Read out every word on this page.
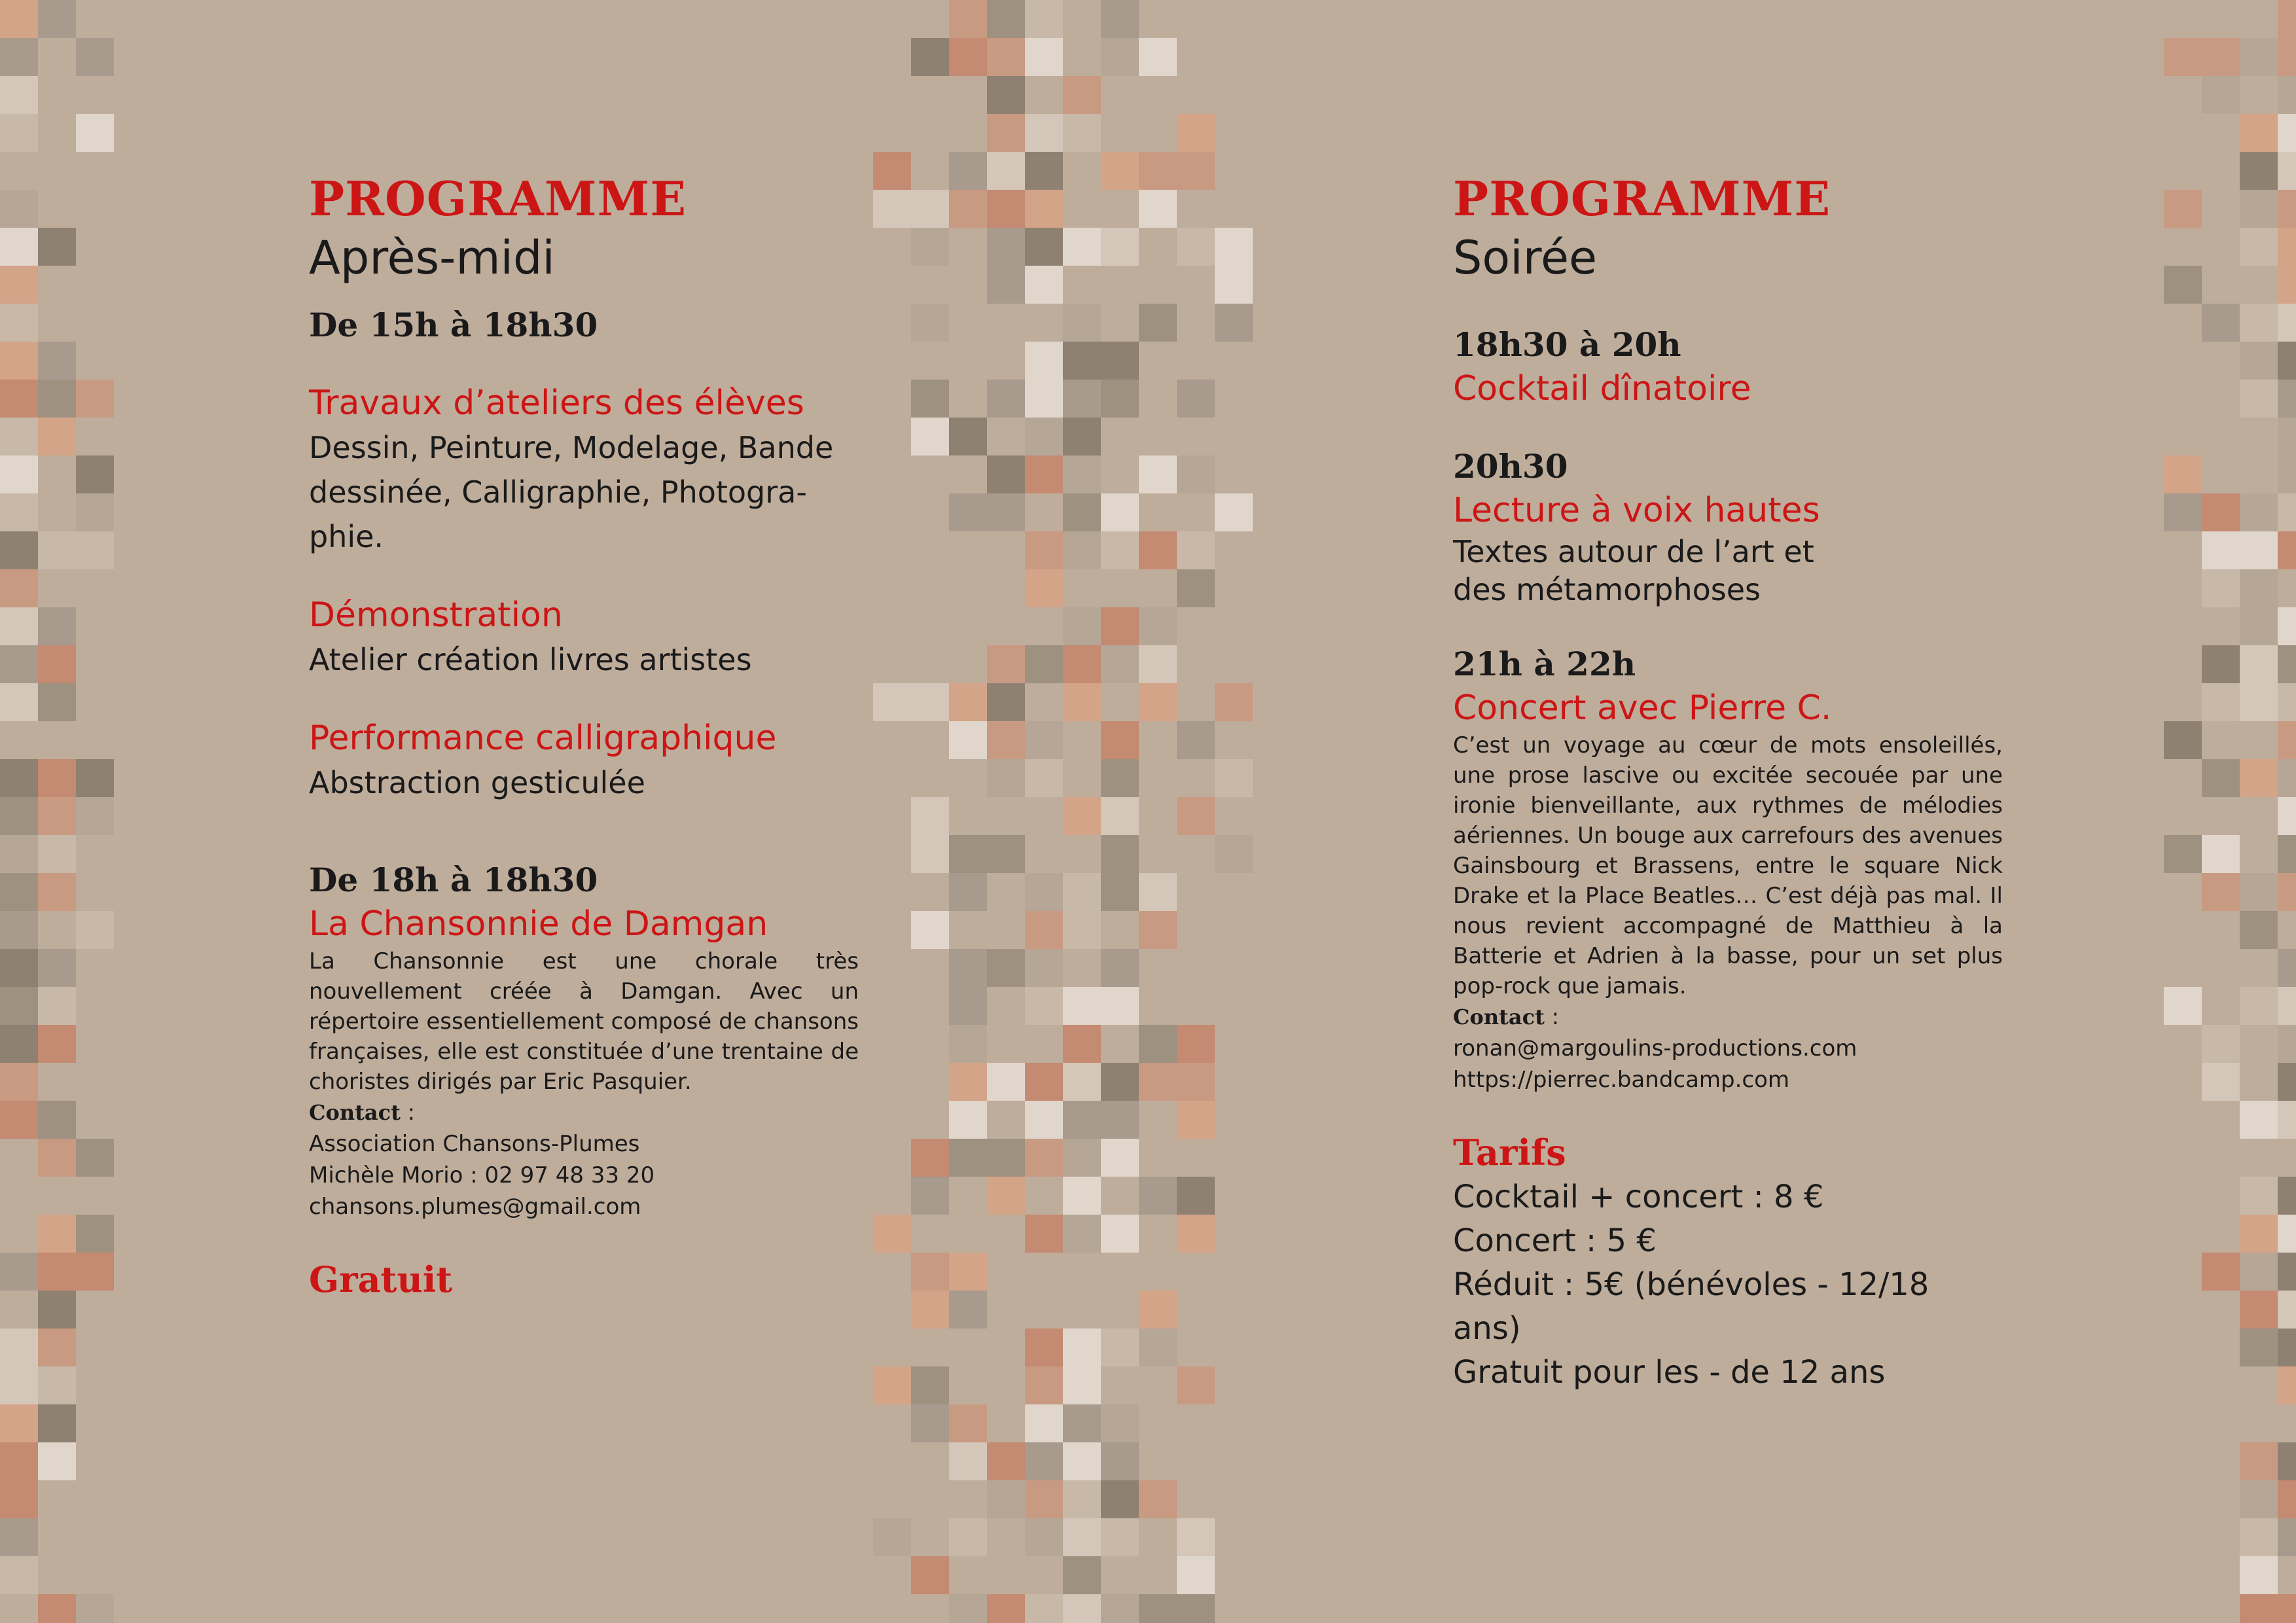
PROGRAMME
Après-midi
De 15h à 18h30
Travaux d’ateliers des élèves
Dessin, Peinture, Modelage, Bande
dessinée, Calligraphie, Photogra-
phie.
Démonstration
Atelier création livres artistes
Performance calligraphique
Abstraction gesticulée
De 18h à 18h30
La Chansonnie de Damgan
La Chansonnie est une chorale très nouvellement créée à Damgan. Avec un répertoire essentiellement composé de chansons françaises, elle est constituée d’une trentaine de choristes dirigés par Eric Pasquier.
Contact :
Association Chansons-Plumes
Michèle Morio : 02 97 48 33 20
chansons.plumes@gmail.com
Gratuit
PROGRAMME
Soirée
18h30 à 20h
Cocktail dînatoire
20h30
Lecture à voix hautes
Textes autour de l’art et
des métamorphoses
21h à 22h
Concert avec Pierre C.
C’est un voyage au cœur de mots ensoleillés, une prose lascive ou excitée secouée par une ironie bienveillante, aux rythmes de mélodies aériennes. Un bouge aux carrefours des avenues Gainsbourg et Brassens, entre le square Nick Drake et la Place Beatles… C’est déjà pas mal. Il nous revient accompagné de Matthieu à la Batterie et Adrien à la basse, pour un set plus pop-rock que jamais.
Contact :
ronan@margoulins-productions.com
https://pierrec.bandcamp.com
Tarifs
Cocktail + concert : 8 €
Concert : 5 €
Réduit : 5€ (bénévoles - 12/18 ans)
Gratuit pour les - de 12 ans
